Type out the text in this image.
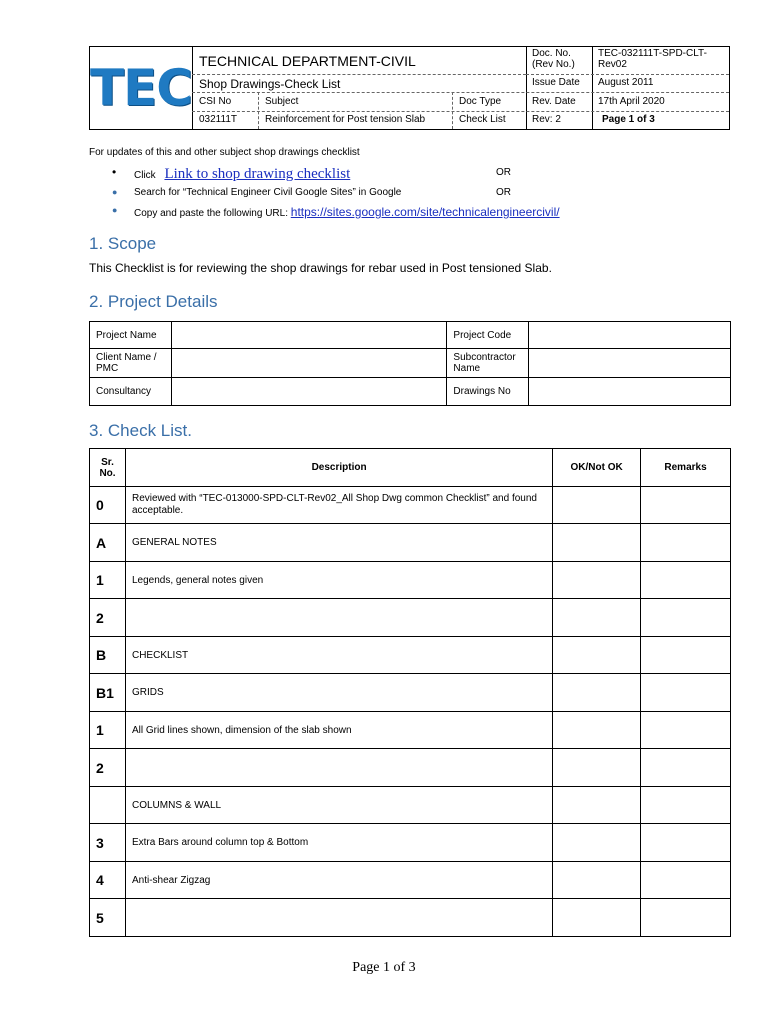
TEC TECHNICAL DEPARTMENT-CIVIL
Shop Drawings-Check List
Doc. No. (Rev No.)
TEC-032111T-SPD-CLT-Rev02
Issue Date	August 2011
CSI No	Subject	Doc Type	Rev. Date	17th April 2020
032111T	Reinforcement for Post tension Slab	Check List	Rev: 2	Page 1 of 3
For updates of this and other subject shop drawings checklist
• Click Link to shop drawing checklist	OR
● Search for “Technical Engineer Civil Google Sites” in Google	OR
● Copy and paste the following URL: https://sites.google.com/site/technicalengineercivil/
1. Scope
This Checklist is for reviewing the shop drawings for rebar used in Post tensioned Slab.
2. Project Details
Project Name		Project Code	
Client Name / PMC		Subcontractor Name	
Consultancy		Drawings No	
3. Check List.
Sr. No.	Description	OK/Not OK	Remarks
0	Reviewed with “TEC-013000-SPD-CLT-Rev02_All Shop Dwg common Checklist” and found acceptable.		
A	GENERAL NOTES		
1	Legends, general notes given		
2			
B	CHECKLIST		
B1	GRIDS		
1	All Grid lines shown, dimension of the slab shown		
2			
	COLUMNS & WALL		
3	Extra Bars around column top & Bottom		
4	Anti-shear Zigzag		
5			
Page 1 of 3
